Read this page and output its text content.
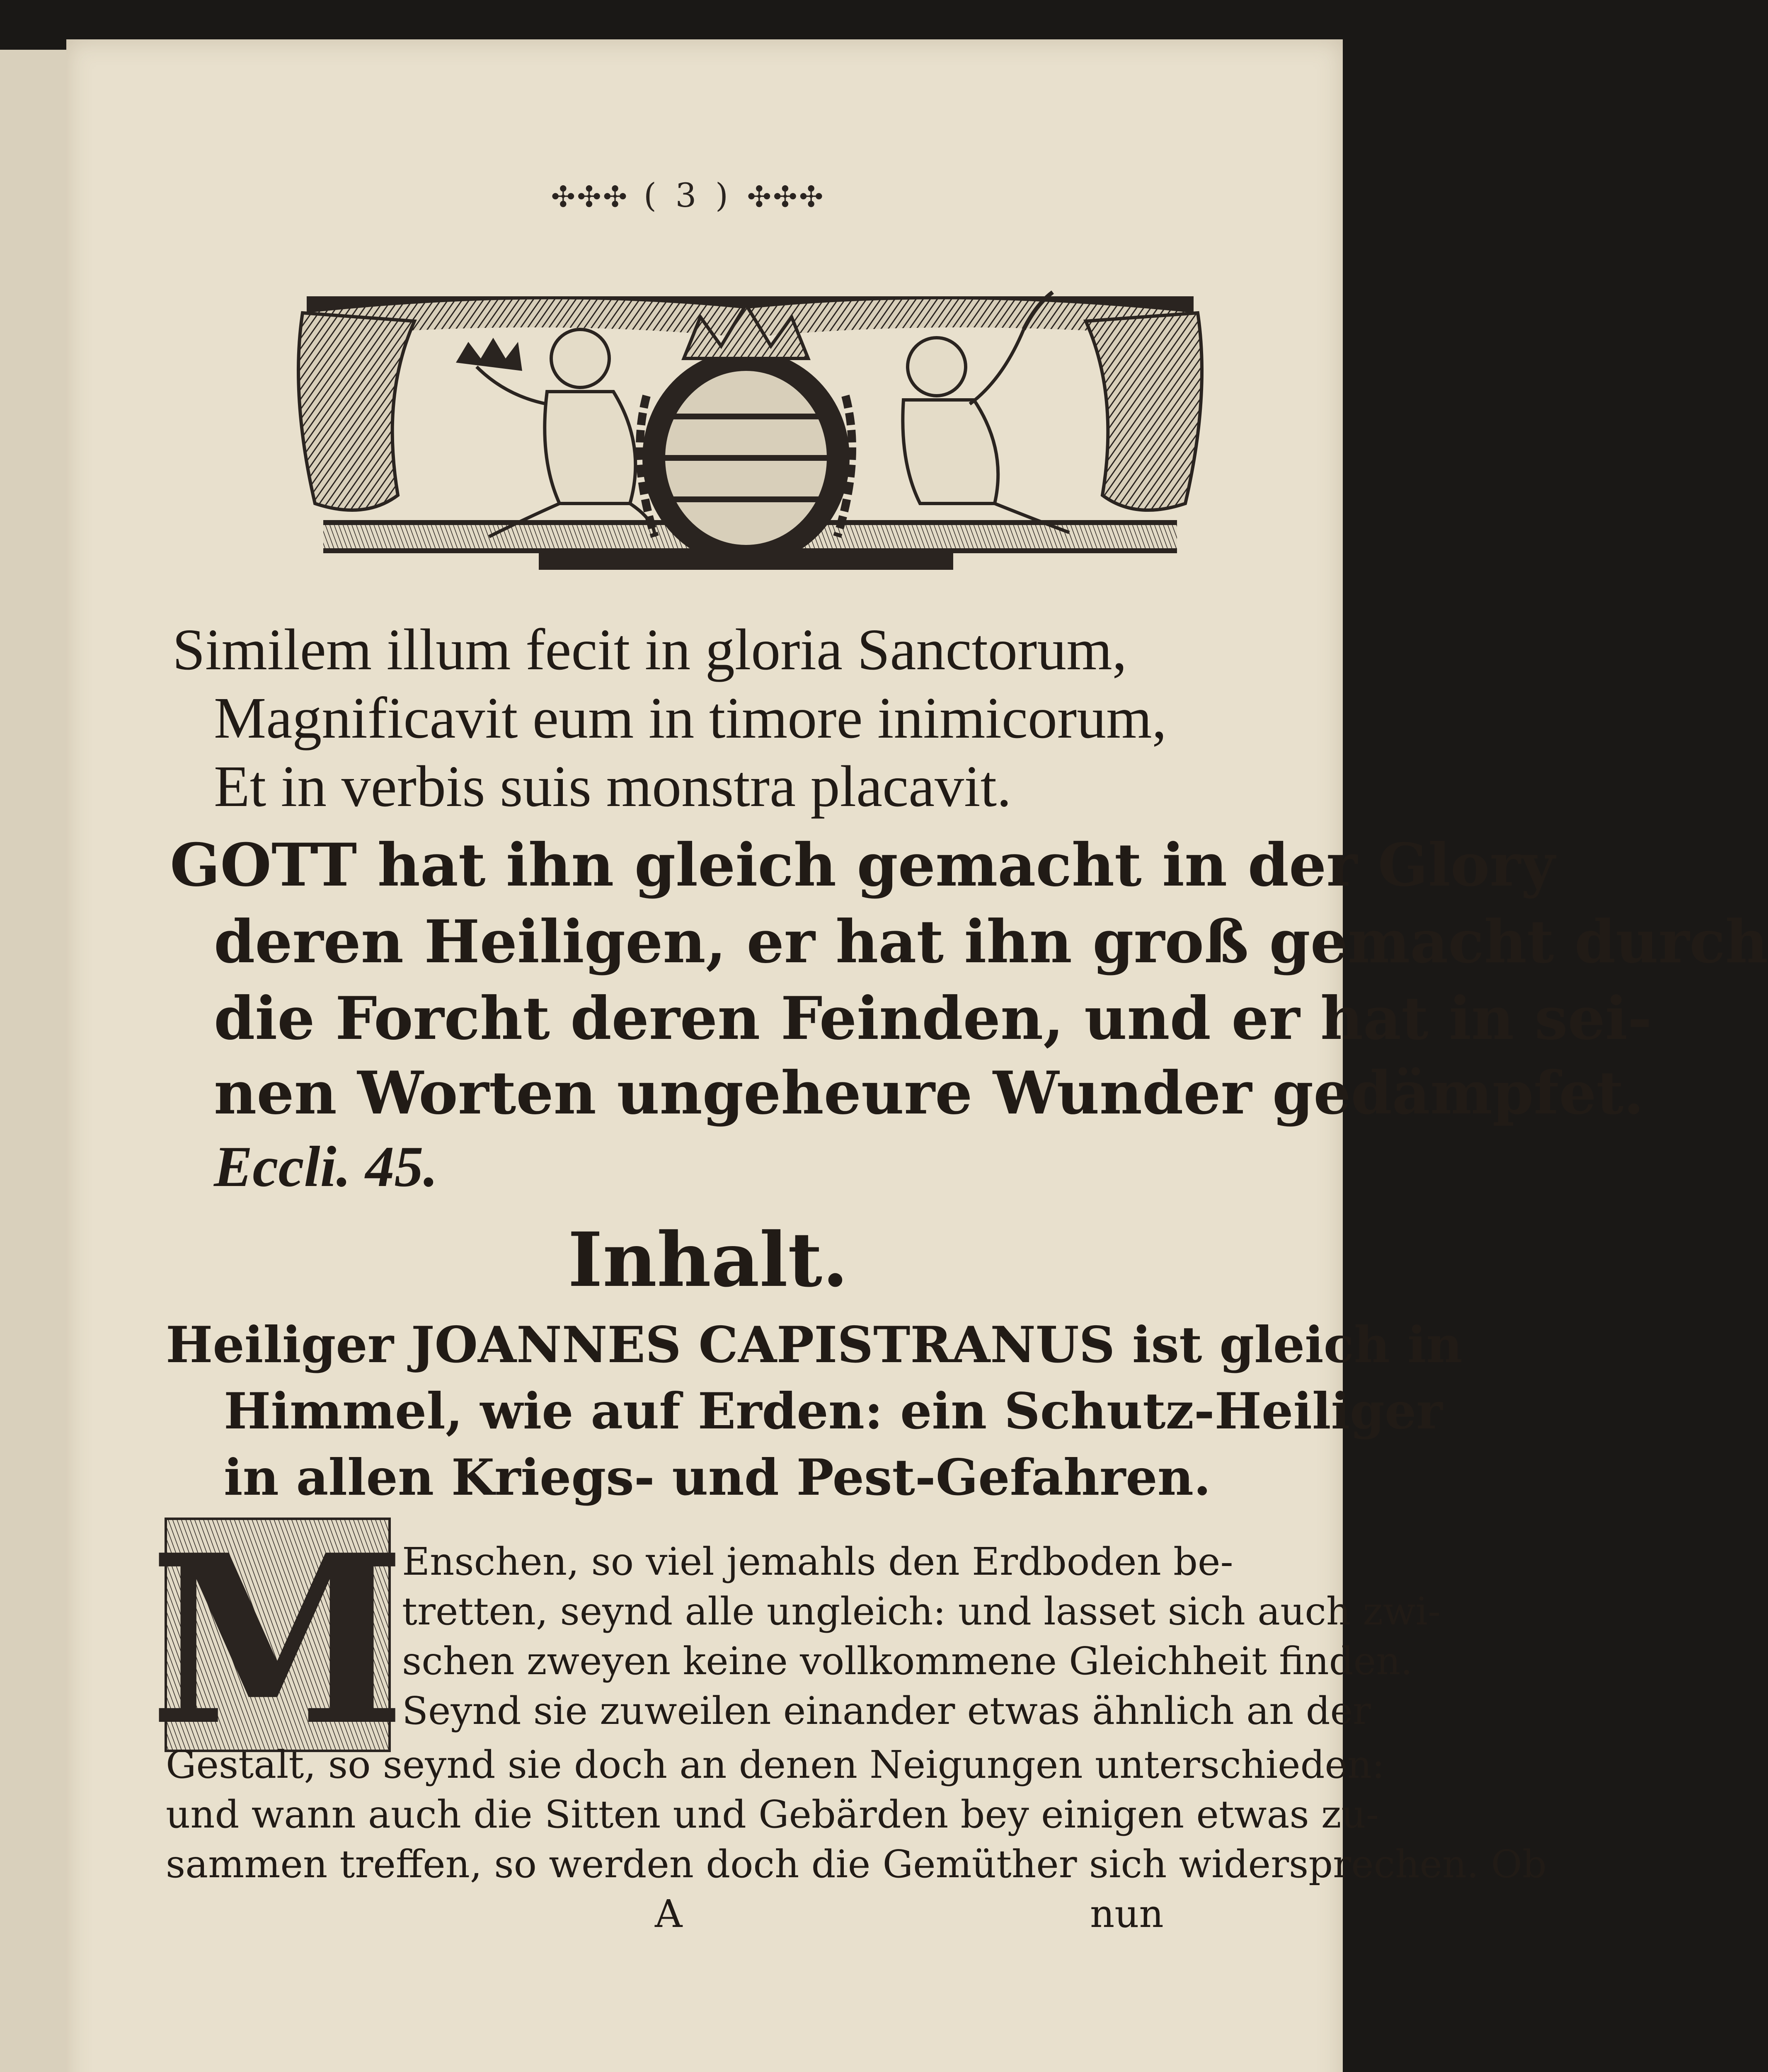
✣✣✣ ( 3 ) ✣✣✣
Similem illum fecit in gloria Sanctorum,
Magnificavit eum in timore inimicorum,
Et in verbis suis monstra placavit.
GOTT hat ihn gleich gemacht in der Glory
deren Heiligen, er hat ihn groß gemacht durch
die Forcht deren Feinden, und er hat in sei-
nen Worten ungeheure Wunder gedämpfet.
Eccli. 45.
Inhalt.
Heiliger JOANNES CAPISTRANUS ist gleich in
Himmel, wie auf Erden: ein Schutz-Heiliger
in allen Kriegs- und Pest-Gefahren.
M
Enschen, so viel jemahls den Erdboden be-
tretten, seynd alle ungleich: und lasset sich auch zwi-
schen zweyen keine vollkommene Gleichheit finden.
Seynd sie zuweilen einander etwas ähnlich an der
Gestalt, so seynd sie doch an denen Neigungen unterschieden:
und wann auch die Sitten und Gebärden bey einigen etwas zu-
sammen treffen, so werden doch die Gemüther sich widersprechen. Ob
A	nun
